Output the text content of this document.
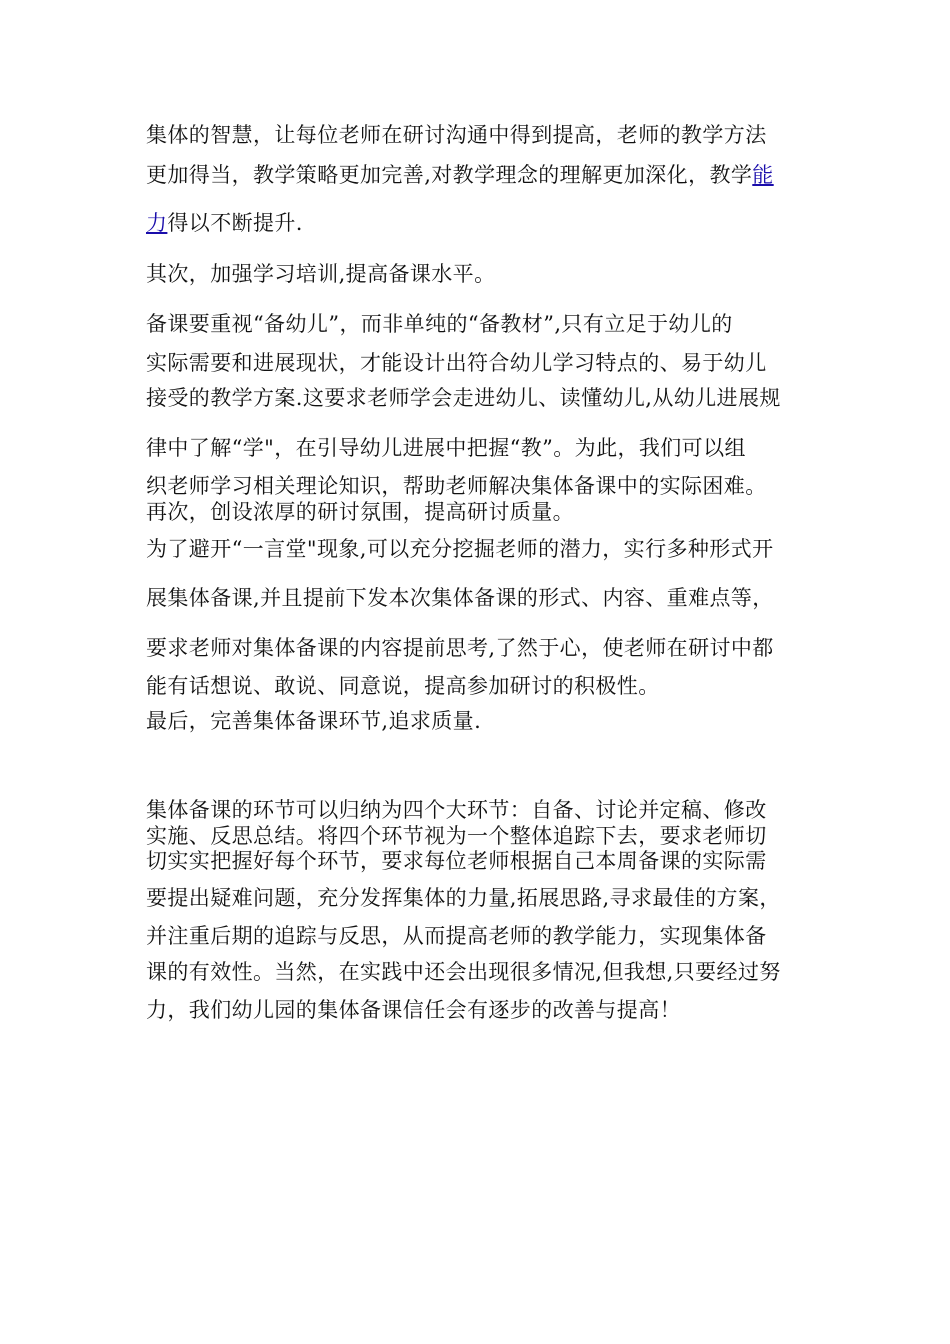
集体的智慧，让每位老师在研讨沟通中得到提高，老师的教学方法
更加得当，教学策略更加完善,对教学理念的理解更加深化，教学能
力得以不断提升.
其次，加强学习培训,提高备课水平。
备课要重视“备幼儿”，而非单纯的“备教材”,只有立足于幼儿的
实际需要和进展现状，才能设计出符合幼儿学习特点的、易于幼儿
接受的教学方案.这要求老师学会走进幼儿、读懂幼儿,从幼儿进展规
律中了解“学"，在引导幼儿进展中把握“教”。为此，我们可以组
织老师学习相关理论知识，帮助老师解决集体备课中的实际困难。
再次，创设浓厚的研讨氛围，提高研讨质量。
为了避开“一言堂"现象,可以充分挖掘老师的潜力，实行多种形式开
展集体备课,并且提前下发本次集体备课的形式、内容、重难点等，
要求老师对集体备课的内容提前思考,了然于心，使老师在研讨中都
能有话想说、敢说、同意说，提高参加研讨的积极性。
最后，完善集体备课环节,追求质量.
集体备课的环节可以归纳为四个大环节：自备、讨论并定稿、修改
实施、反思总结。将四个环节视为一个整体追踪下去，要求老师切
切实实把握好每个环节，要求每位老师根据自己本周备课的实际需
要提出疑难问题，充分发挥集体的力量,拓展思路,寻求最佳的方案，
并注重后期的追踪与反思，从而提高老师的教学能力，实现集体备
课的有效性。当然，在实践中还会出现很多情况,但我想,只要经过努
力，我们幼儿园的集体备课信任会有逐步的改善与提高！
